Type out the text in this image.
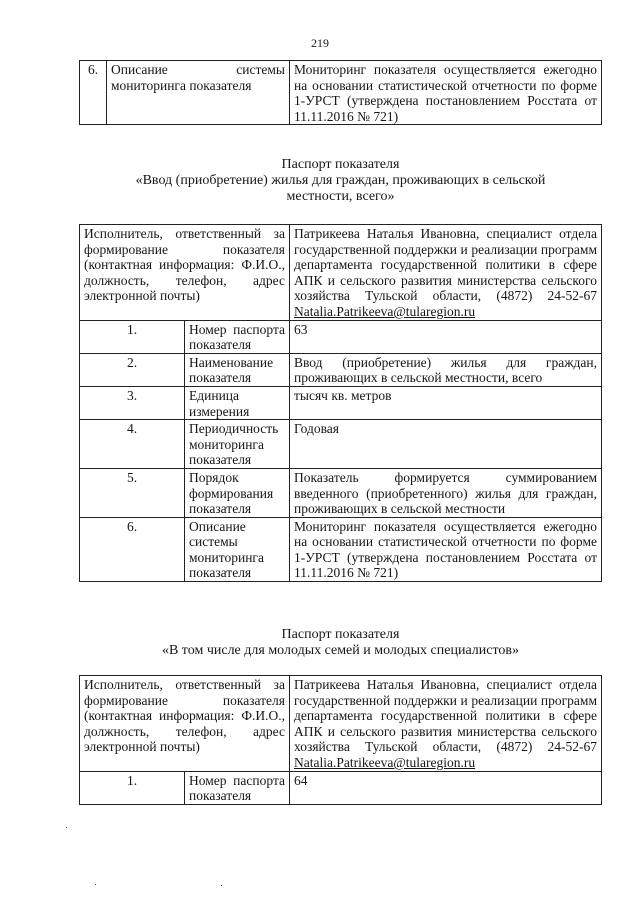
219
6.	Описание системы мониторинга показателя	Мониторинг показателя осуществляется ежегодно на основании статистической отчетности по форме 1-УРСТ (утверждена постановлением Росстата от 11.11.2016 № 721)
Паспорт показателя
«Ввод (приобретение) жилья для граждан, проживающих в сельской
местности, всего»
Исполнитель, ответственный за формирование показателя (контактная информация: Ф.И.О., должность, телефон, адрес электронной почты)		Патрикеева Наталья Ивановна, специалист отдела государственной поддержки и реализации программ департамента государственной политики в сфере АПК и сельского развития министерства сельского хозяйства Тульской области, (4872) 24-52-67 Natalia.Patrikeeva@tularegion.ru
1.	Номер паспорта показателя	63
2.	Наименование показателя	Ввод (приобретение) жилья для граждан, проживающих в сельской местности, всего
3.	Единица измерения	тысяч кв. метров
4.	Периодичность мониторинга показателя	Годовая
5.	Порядок формирования показателя	Показатель формируется суммированием введенного (приобретенного) жилья для граждан, проживающих в сельской местности
6.	Описание системы мониторинга показателя	Мониторинг показателя осуществляется ежегодно на основании статистической отчетности по форме 1-УРСТ (утверждена постановлением Росстата от 11.11.2016 № 721)
Паспорт показателя
«В том числе для молодых семей и молодых специалистов»
Исполнитель, ответственный за формирование показателя (контактная информация: Ф.И.О., должность, телефон, адрес электронной почты)		Патрикеева Наталья Ивановна, специалист отдела государственной поддержки и реализации программ департамента государственной политики в сфере АПК и сельского развития министерства сельского хозяйства Тульской области, (4872) 24-52-67 Natalia.Patrikeeva@tularegion.ru
1.	Номер паспорта показателя	64
